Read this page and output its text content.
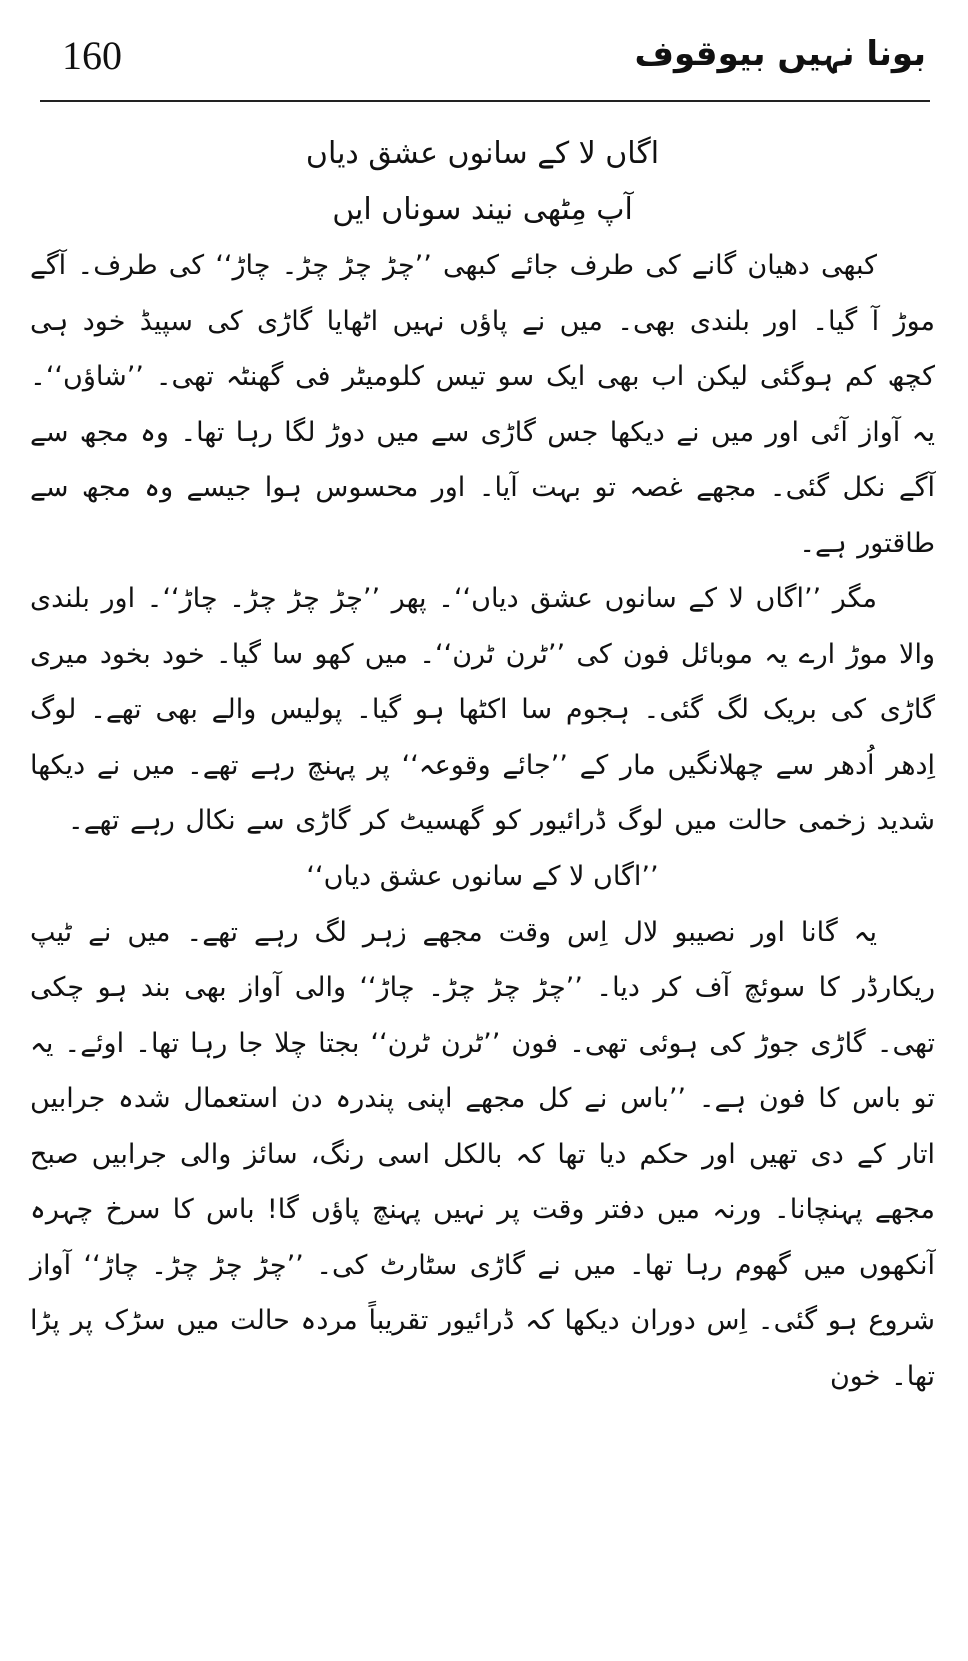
160	بونا نہیں بیوقوف

اگاں لا کے سانوں عشق دیاں

آپ مِٹھی نیند سوناں ایں

کبھی دھیان گانے کی طرف جائے کبھی ’’چڑ چڑ چڑ۔ چاڑ‘‘ کی طرف۔ آگے موڑ آ گیا۔ اور بلندی بھی۔ میں نے پاؤں نہیں اٹھایا گاڑی کی سپیڈ خود ہی کچھ کم ہوگئی لیکن اب بھی ایک سو تیس کلومیٹر فی گھنٹہ تھی۔ ’’شاؤں‘‘۔ یہ آواز آئی اور میں نے دیکھا جس گاڑی سے میں دوڑ لگا رہا تھا۔ وہ مجھ سے آگے نکل گئی۔ مجھے غصہ تو بہت آیا۔ اور محسوس ہوا جیسے وہ مجھ سے طاقتور ہے۔

مگر ’’اگاں لا کے سانوں عشق دیاں‘‘۔ پھر ’’چڑ چڑ چڑ۔ چاڑ‘‘۔ اور بلندی والا موڑ ارے یہ موبائل فون کی ’’ٹرن ٹرن‘‘۔ میں کھو سا گیا۔ خود بخود میری گاڑی کی بریک لگ گئی۔ ہجوم سا اکٹھا ہو گیا۔ پولیس والے بھی تھے۔ لوگ اِدھر اُدھر سے چھلانگیں مار کے ’’جائے وقوعہ‘‘ پر پہنچ رہے تھے۔ میں نے دیکھا شدید زخمی حالت میں لوگ ڈرائیور کو گھسیٹ کر گاڑی سے نکال رہے تھے۔

’’اگاں لا کے سانوں عشق دیاں‘‘

یہ گانا اور نصیبو لال اِس وقت مجھے زہر لگ رہے تھے۔ میں نے ٹیپ ریکارڈر کا سوئچ آف کر دیا۔ ’’چڑ چڑ چڑ۔ چاڑ‘‘ والی آواز بھی بند ہو چکی تھی۔ گاڑی جوڑ کی ہوئی تھی۔ فون ’’ٹرن ٹرن‘‘ بجتا چلا جا رہا تھا۔ اوئے۔ یہ تو باس کا فون ہے۔ ’’باس نے کل مجھے اپنی پندرہ دن استعمال شدہ جرابیں اتار کے دی تھیں اور حکم دیا تھا کہ بالکل اسی رنگ، سائز والی جرابیں صبح مجھے پہنچانا۔ ورنہ میں دفتر وقت پر نہیں پہنچ پاؤں گا! باس کا سرخ چہرہ آنکھوں میں گھوم رہا تھا۔ میں نے گاڑی سٹارٹ کی۔ ’’چڑ چڑ چڑ۔ چاڑ‘‘ آواز شروع ہو گئی۔ اِس دوران دیکھا کہ ڈرائیور تقریباً مردہ حالت میں سڑک پر پڑا تھا۔ خون
